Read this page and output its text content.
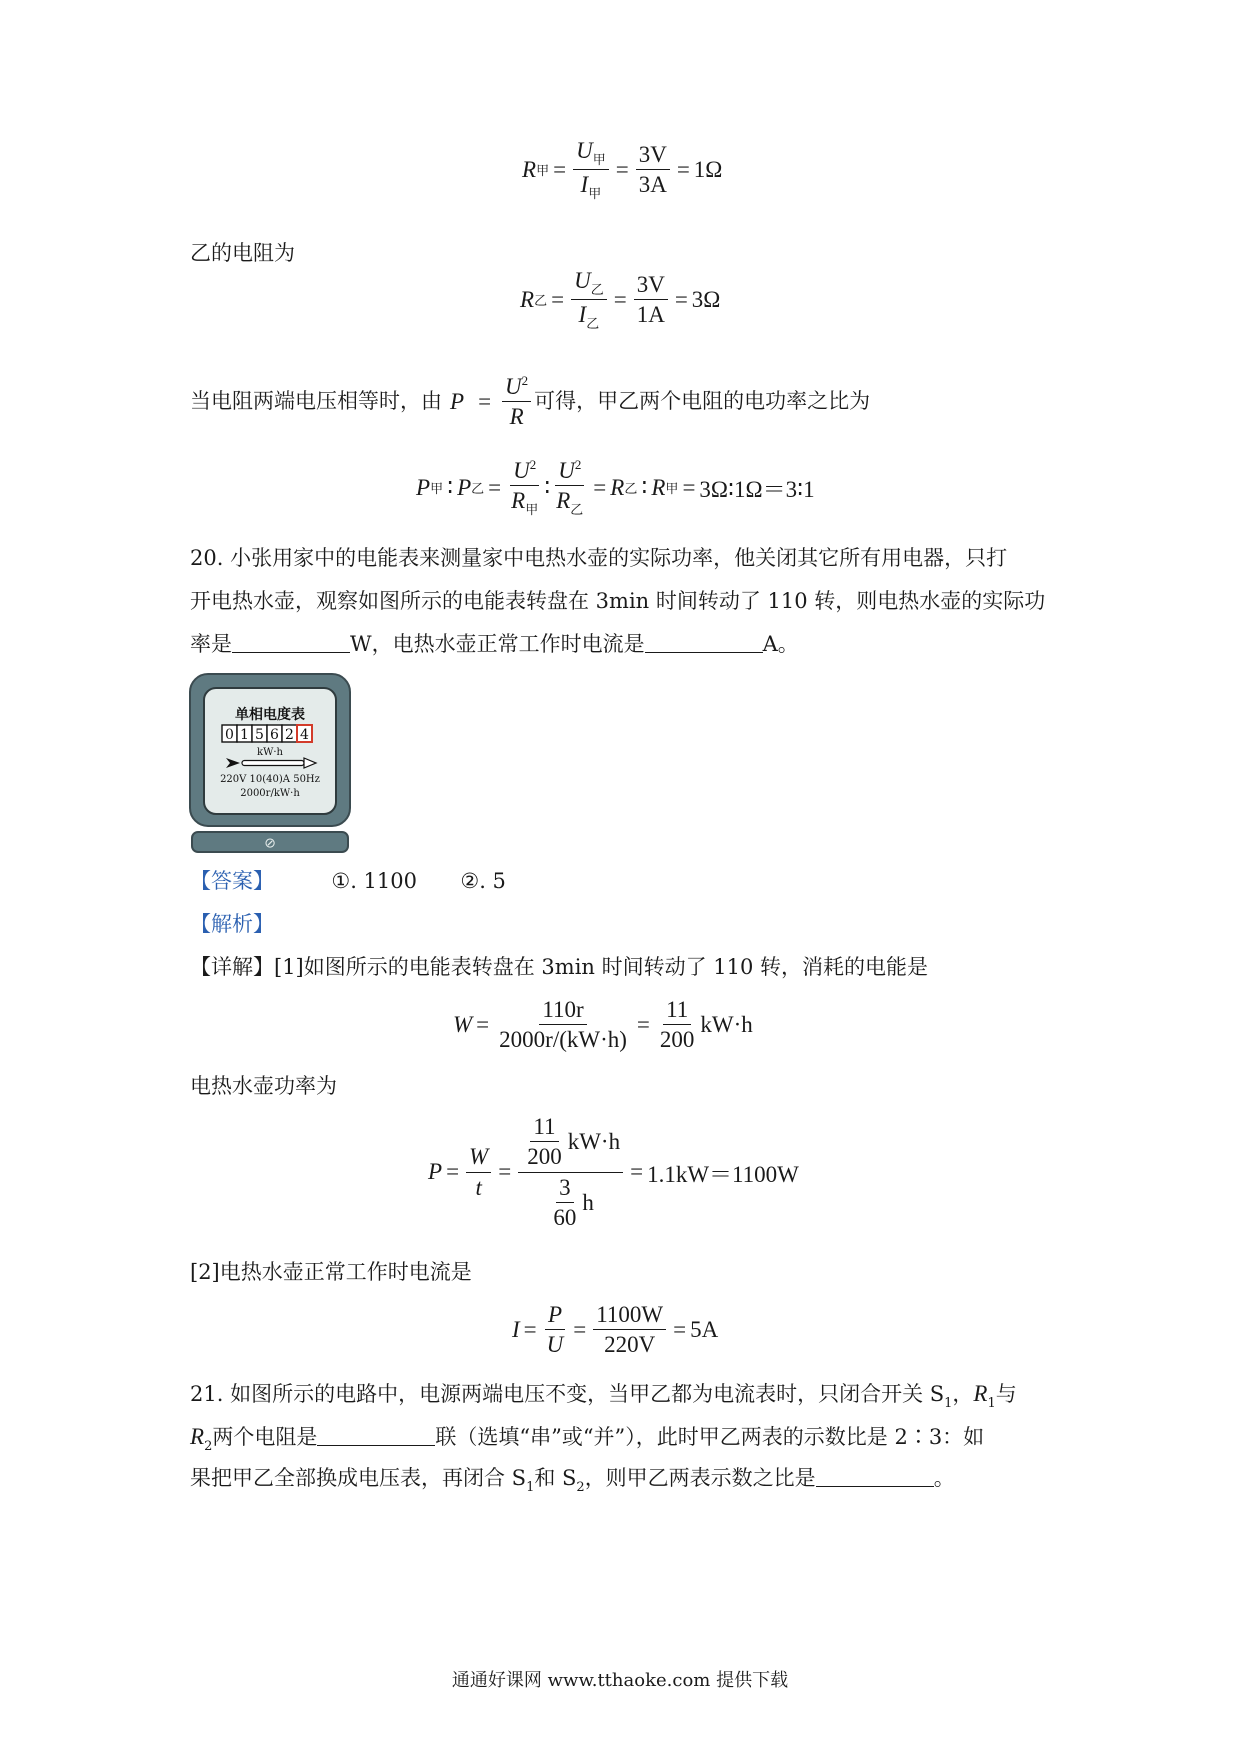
R 甲 = $\frac{U_甲}{I_甲} = \frac{3V}{3A} = 1\Omega$
乙的电阻为
R 乙 = $\frac{U_乙}{I_乙} = \frac{3V}{1A} = 3\Omega$
当电阻两端电压相等时，由 $P = \frac{U^2}{R}$ 可得，甲乙两个电阻的电功率之比为
P 甲 ∶ P 乙 = $\frac{U^2}{R_甲}$ ∶ $\frac{U^2}{R_乙} = R$ 乙 ∶ R 甲 = 3Ω∶1Ω＝3∶1
20. 小张用家中的电能表来测量家中电热水壶的实际功率，他关闭其它所有用电器，只打
开电热水壶，观察如图所示的电能表转盘在 3min 时间转动了 110 转，则电热水壶的实际功
率是	W，电热水壶正常工作时电流是	A。
单相电度表
0 1 5 6 2 4
kW·h
220V 10(40)A 50Hz
2000r/kW·h
⊘
【答案】	①. 1100 ②. 5
【解析】
【详解】[1]如图所示的电能表转盘在 3min 时间转动了 110 转，消耗的电能是
$W = \frac{110r}{2000r/(kW\cdot h)} = \frac{11}{200} kW\cdot h$
电热水壶功率为
$P = \frac{W}{t} = \frac{\frac{11}{200} kW\cdot h}{\frac{3}{60} h} = 1.1kW=1100W$
[2]电热水壶正常工作时电流是
$I = \frac{P}{U} = \frac{1100W}{220V} = 5A$
21. 如图所示的电路中，电源两端电压不变，当甲乙都为电流表时，只闭合开关 $S_1$，$R_1$与
$R_2$两个电阻是	联（选填“串”或“并”），此时甲乙两表的示数比是 2∶3：如
果把甲乙全部换成电压表，再闭合 $S_1$和 $S_2$，则甲乙两表示数之比是	。
通通好课网 www.tthaoke.com 提供下载
